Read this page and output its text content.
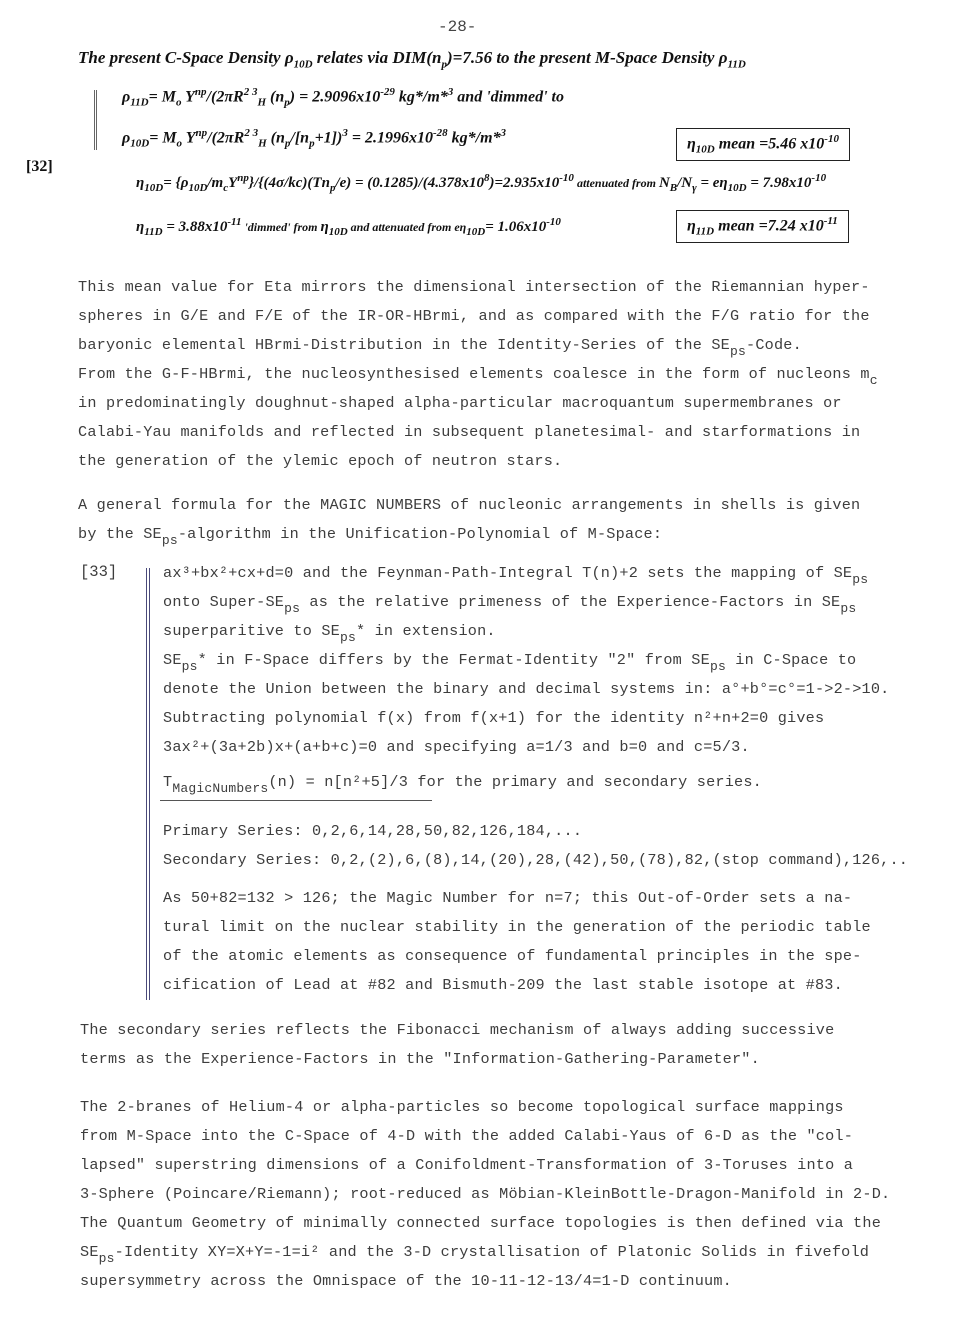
-28-
The present C-Space Density $\rho_{10D}$ relates via $DIM(n_p)=7.56$ to the present M-Space Density $\rho_{11D}$
[32]
$\rho_{11D}= M_o$ $Y^{np}/(2\pi R^{2 3}_H$ $(n_p) = 2.9096x10^{-29}$ kg*/m*$^3$ and 'dimmed' to
$\rho_{10D}= M_o$ $Y^{np}/(2\pi R^{2 3}_H$ $(n_p/[n_p+1])^3 = 2.1996x10^{-28}$ kg*/m*$^3$
$\eta_{10D}$ mean =5.46 $x10^{-10}$
$\eta_{10D}= \{\rho_{10D}/m_cY^{np}\}/\{(4\sigma/kc)(Tn_p/e) = (0.1285)/(4.378x10^8)=2.935x10^{-10}$ attenuated from $N_B/N_\gamma = e\eta_{10D} = 7.98x10^{-10}$
$\eta_{11D} = 3.88x10^{-11}$ 'dimmed' from $\eta_{10D}$ and attenuated from $e\eta_{10D}= 1.06x10^{-10}$	$\eta_{11D}$ mean =7.24 $x10^{-11}$
This mean value for Eta mirrors the dimensional intersection of the Riemannian hyper-
spheres in G/E and F/E of the IR-OR-HBrmi, and as compared with the F/G ratio for the
baryonic elemental HBrmi-Distribution in the Identity-Series of the $SE_{ps}$-Code.
From the G-F-HBrmi, the nucleosynthesised elements coalesce in the form of nucleons $m_c$
in predominatingly doughnut-shaped alpha-particular macroquantum supermembranes or
Calabi-Yau manifolds and reflected in subsequent planetesimal- and starformations in
the generation of the ylemic epoch of neutron stars.
A general formula for the MAGIC NUMBERS of nucleonic arrangements in shells is given
by the $SE_{ps}$-algorithm in the Unification-Polynomial of M-Space:
[33]	ax³+bx²+cx+d=0 and the Feynman-Path-Integral T(n)+2 sets the mapping of $SE_{ps}$
onto Super-$SE_{ps}$ as the relative primeness of the Experience-Factors in $SE_{ps}$
superparitive to $SE_{ps}*$ in extension.
$SE_{ps}*$ in F-Space differs by the Fermat-Identity "2" from $SE_{ps}$ in C-Space to
denote the Union between the binary and decimal systems in: a°+b°=c°=1->2->10.
Subtracting polynomial f(x) from f(x+1) for the identity n²+n+2=0 gives
3ax²+(3a+2b)x+(a+b+c)=0 and specifying a=1/3 and b=0 and c=5/3.
$T_{MagicNumbers}(n) = n[n^2+5]/3$ for the primary and secondary series.
Primary Series: 0,2,6,14,28,50,82,126,184,...
Secondary Series: 0,2,(2),6,(8),14,(20),28,(42),50,(78),82,(stop command),126,..
As 50+82=132 > 126; the Magic Number for n=7; this Out-of-Order sets a na-
tural limit on the nuclear stability in the generation of the periodic table
of the atomic elements as consequence of fundamental principles in the spe-
cification of Lead at #82 and Bismuth-209 the last stable isotope at #83.
The secondary series reflects the Fibonacci mechanism of always adding successive
terms as the Experience-Factors in the "Information-Gathering-Parameter".
The 2-branes of Helium-4 or alpha-particles so become topological surface mappings
from M-Space into the C-Space of 4-D with the added Calabi-Yaus of 6-D as the "col-
lapsed" superstring dimensions of a Conifoldment-Transformation of 3-Toruses into a
3-Sphere (Poincare/Riemann); root-reduced as Möbian-KleinBottle-Dragon-Manifold in 2-D.
The Quantum Geometry of minimally connected surface topologies is then defined via the
$SE_{ps}$-Identity XY=X+Y=-1=i² and the 3-D crystallisation of Platonic Solids in fivefold
supersymmetry across the Omnispace of the 10-11-12-13/4=1-D continuum.
